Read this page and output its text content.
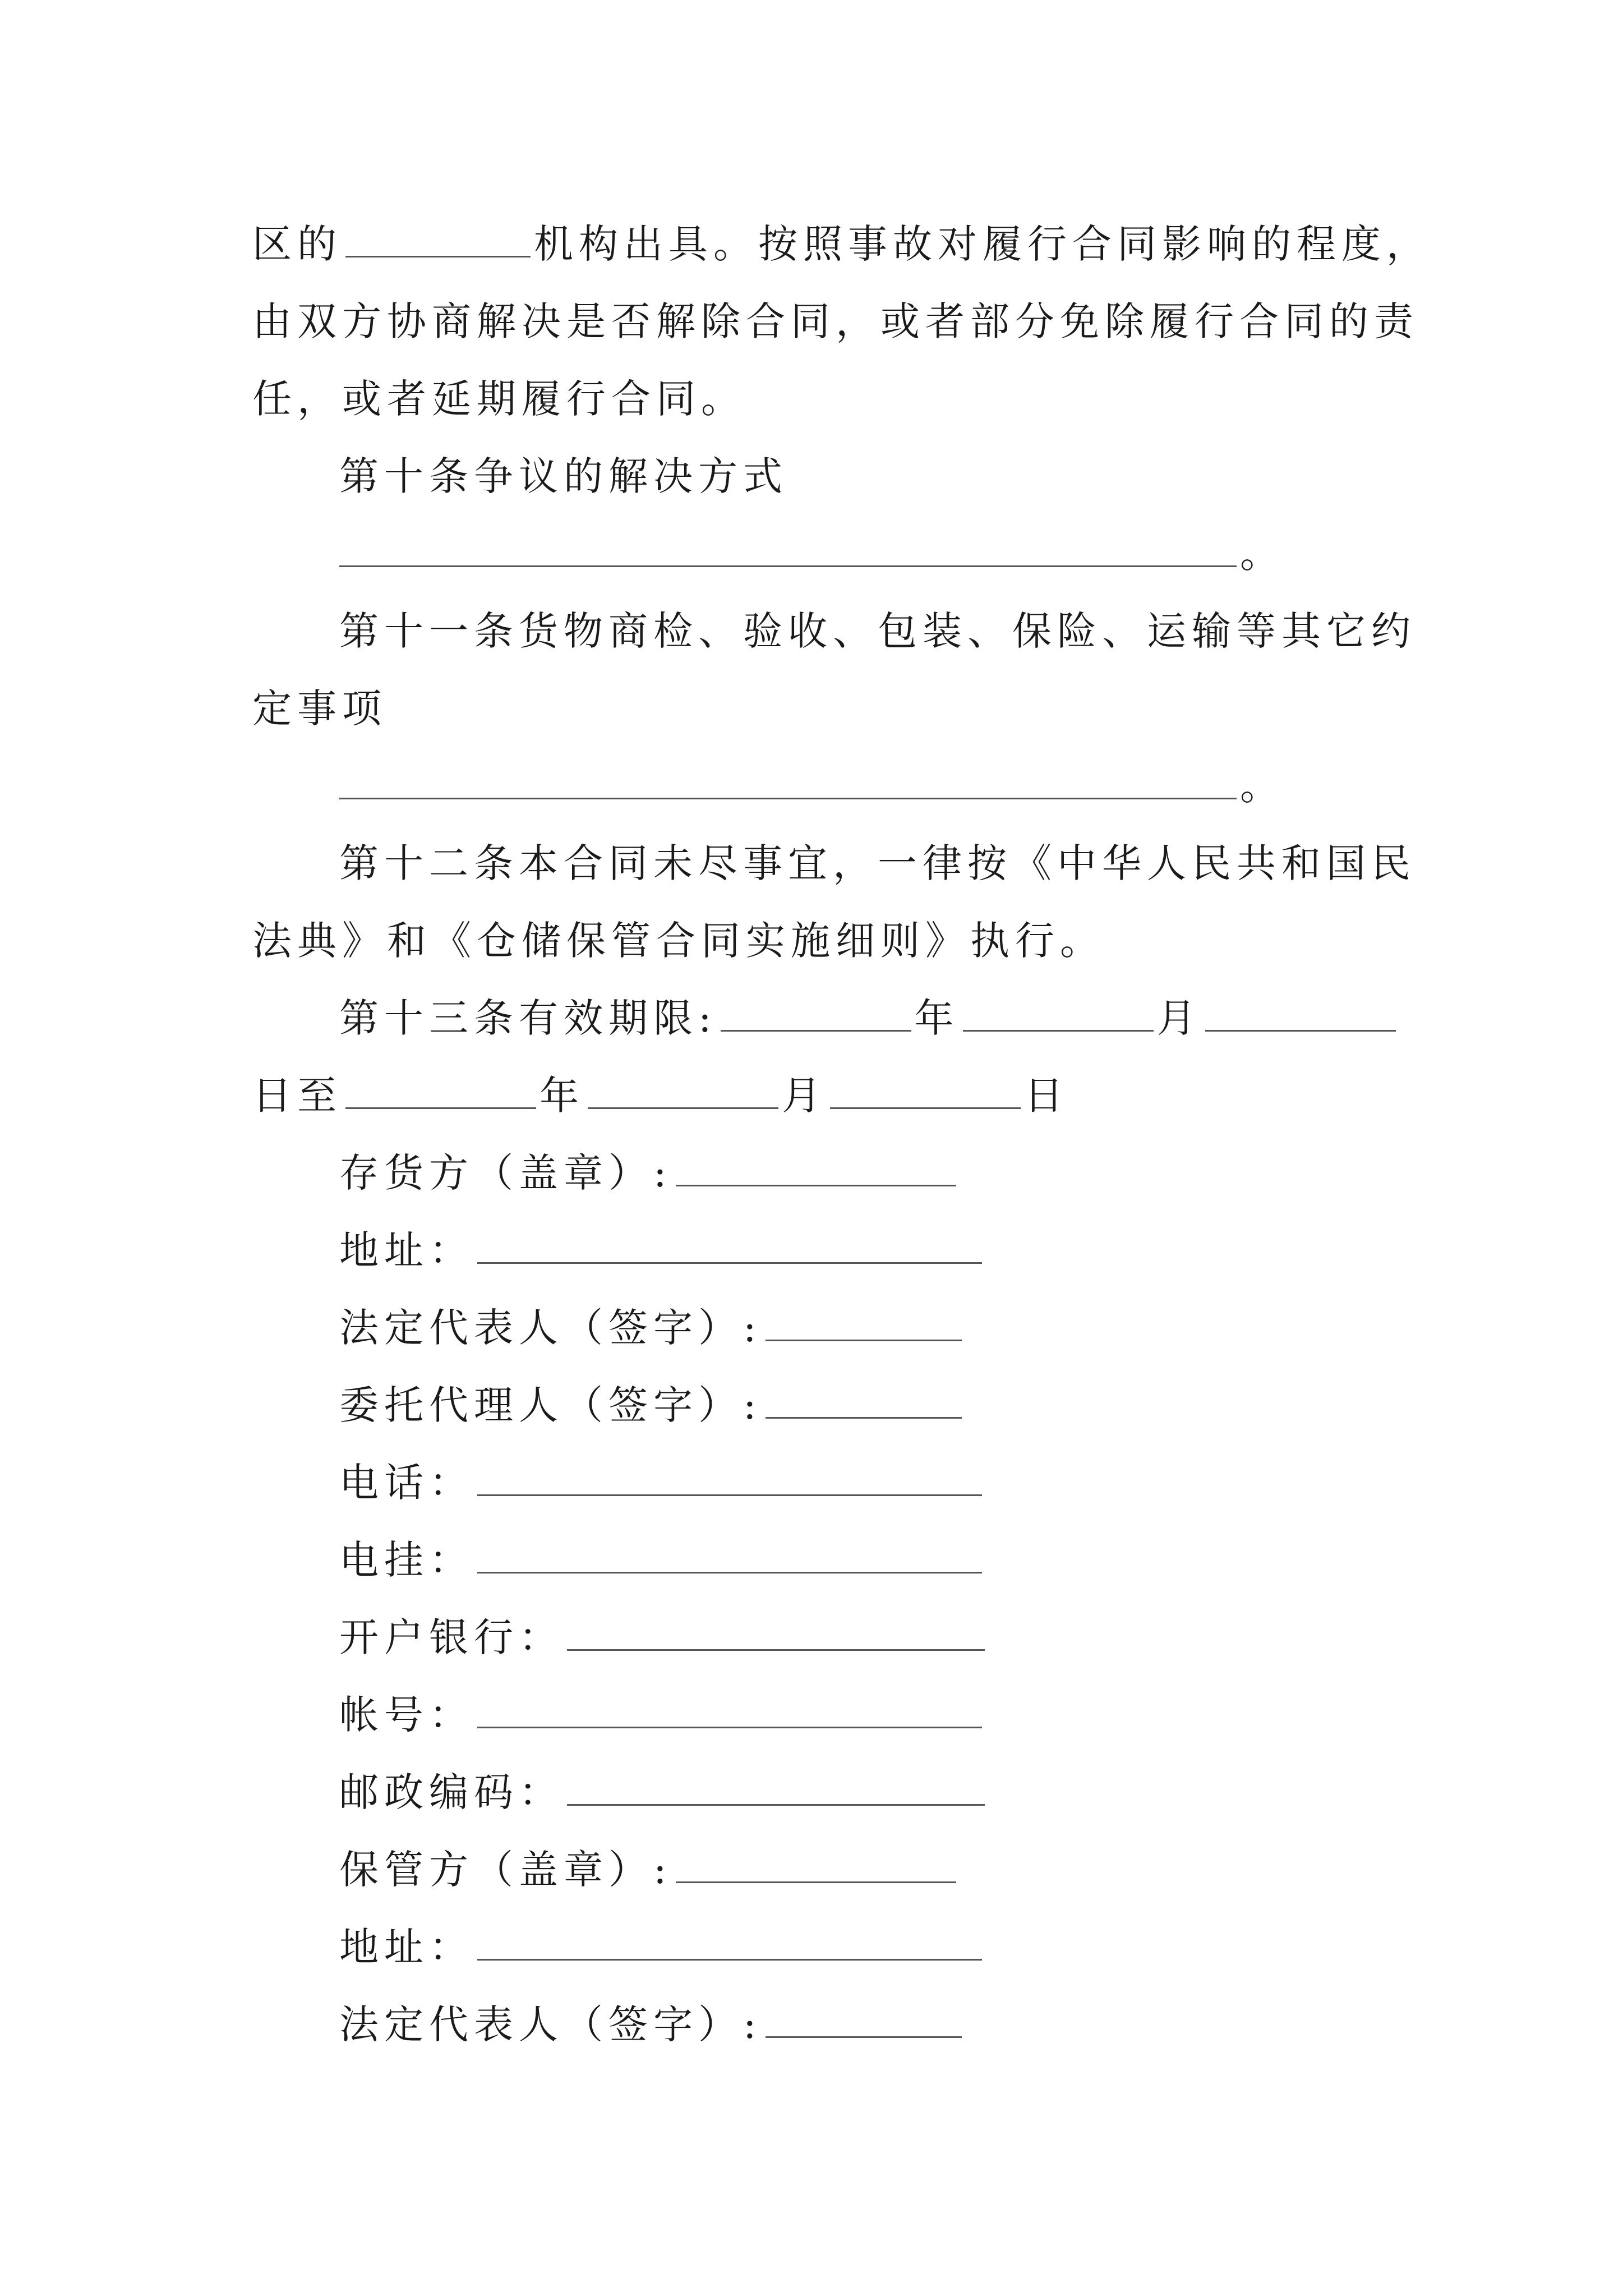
区的	机构出具。按照事故对履行合同影响的程度，
由双方协商解决是否解除合同，或者部分免除履行合同的责
任，或者延期履行合同。
第十条争议的解决方式
。
第十一条货物商检、验收、包装、保险、运输等其它约
定事项
。
第十二条本合同未尽事宜，一律按《中华人民共和国民
法典》和《仓储保管合同实施细则》执行。
第十三条有效期限:	年	月
日至	年	月	日
存货方（盖章）:
地址：
法定代表人（签字）:
委托代理人（签字）:
电话：
电挂：
开户银行：
帐号：
邮政编码：
保管方（盖章）:
地址：
法定代表人（签字）:
